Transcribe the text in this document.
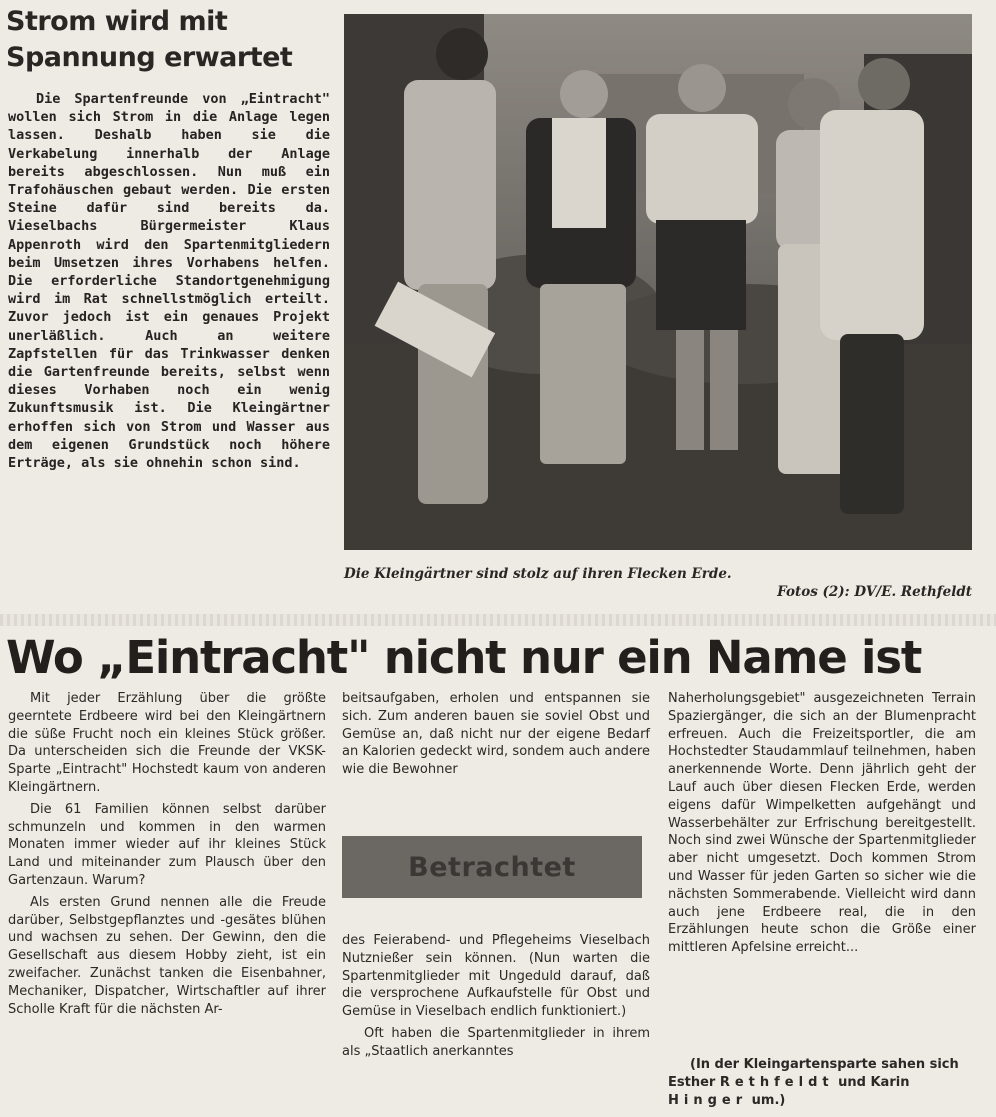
Strom wird mit
Spannung erwartet

Die Spartenfreunde von „Eintracht" wollen sich Strom in die Anlage legen lassen. Deshalb haben sie die Verkabelung innerhalb der Anlage bereits abgeschlossen. Nun muß ein Trafohäuschen gebaut werden. Die ersten Steine dafür sind bereits da. Vieselbachs Bürgermeister Klaus Appenroth wird den Spartenmitgliedern beim Umsetzen ihres Vorhabens helfen. Die erforderliche Standortgenehmigung wird im Rat schnellstmöglich erteilt. Zuvor jedoch ist ein genaues Projekt unerläßlich. Auch an weitere Zapfstellen für das Trinkwasser denken die Gartenfreunde bereits, selbst wenn dieses Vorhaben noch ein wenig Zukunftsmusik ist. Die Kleingärtner erhoffen sich von Strom und Wasser aus dem eigenen Grundstück noch höhere Erträge, als sie ohnehin schon sind.

Die Kleingärtner sind stolz auf ihren Flecken Erde.
Fotos (2): DV/E. Rethfeldt
Wo „Eintracht" nicht nur ein Name ist

Mit jeder Erzählung über die größte geerntete Erdbeere wird bei den Kleingärtnern die süße Frucht noch ein kleines Stück größer. Da unterscheiden sich die Freunde der VKSK-Sparte „Eintracht" Hochstedt kaum von anderen Kleingärtnern.

Die 61 Familien können selbst darüber schmunzeln und kommen in den warmen Monaten immer wieder auf ihr kleines Stück Land und miteinander zum Plausch über den Gartenzaun. Warum?

Als ersten Grund nennen alle die Freude darüber, Selbstgepflanztes und -gesätes blühen und wachsen zu sehen. Der Gewinn, den die Gesellschaft aus diesem Hobby zieht, ist ein zweifacher. Zunächst tanken die Eisenbahner, Mechaniker, Dispatcher, Wirtschaftler auf ihrer Scholle Kraft für die nächsten Ar-

beitsaufgaben, erholen und entspannen sie sich. Zum anderen bauen sie soviel Obst und Gemüse an, daß nicht nur der eigene Bedarf an Kalorien gedeckt wird, sondem auch andere wie die Bewohner

Betrachtet

des Feierabend- und Pflegeheims Vieselbach Nutznießer sein können. (Nun warten die Spartenmitglieder mit Ungeduld darauf, daß die versprochene Aufkaufstelle für Obst und Gemüse in Vieselbach endlich funktioniert.)

Oft haben die Spartenmitglieder in ihrem als „Staatlich anerkanntes

Naherholungsgebiet" ausgezeichneten Terrain Spaziergänger, die sich an der Blumenpracht erfreuen. Auch die Freizeitsportler, die am Hochstedter Staudammlauf teilnehmen, haben anerkennende Worte. Denn jährlich geht der Lauf auch über diesen Flecken Erde, werden eigens dafür Wimpelketten aufgehängt und Wasserbehälter zur Erfrischung bereitgestellt. Noch sind zwei Wünsche der Spartenmitglieder aber nicht umgesetzt. Doch kommen Strom und Wasser für jeden Garten so sicher wie die nächsten Sommerabende. Vielleicht wird dann auch jene Erdbeere real, die in den Erzählungen heute schon die Größe einer mittleren Apfelsine erreicht...

(In der Kleingartensparte sahen sich Esther Rethfeldt und Karin Hinger um.)
